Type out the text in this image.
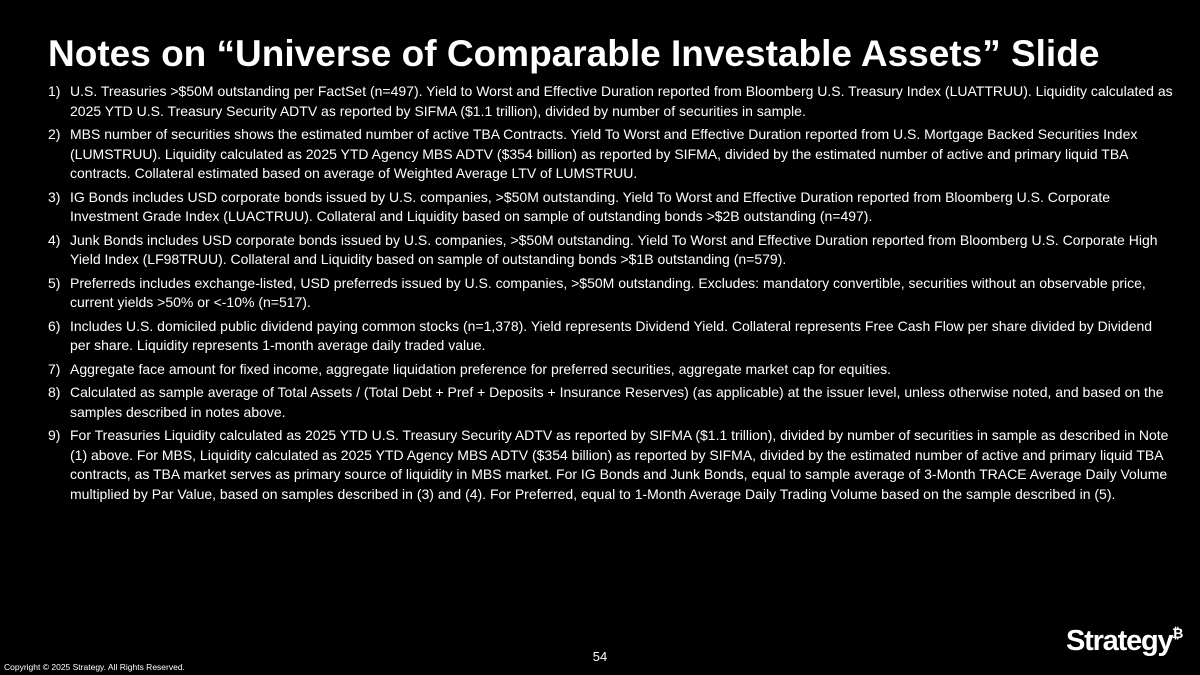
Notes on “Universe of Comparable Investable Assets” Slide
1) U.S. Treasuries >$50M outstanding per FactSet (n=497). Yield to Worst and Effective Duration reported from Bloomberg U.S. Treasury Index (LUATTRUU). Liquidity calculated as 2025 YTD U.S. Treasury Security ADTV as reported by SIFMA ($1.1 trillion), divided by number of securities in sample.
2) MBS number of securities shows the estimated number of active TBA Contracts. Yield To Worst and Effective Duration reported from U.S. Mortgage Backed Securities Index (LUMSTRUU). Liquidity calculated as 2025 YTD Agency MBS ADTV ($354 billion) as reported by SIFMA, divided by the estimated number of active and primary liquid TBA contracts. Collateral estimated based on average of Weighted Average LTV of LUMSTRUU.
3) IG Bonds includes USD corporate bonds issued by U.S. companies, >$50M outstanding. Yield To Worst and Effective Duration reported from Bloomberg U.S. Corporate Investment Grade Index (LUACTRUU). Collateral and Liquidity based on sample of outstanding bonds >$2B outstanding (n=497).
4) Junk Bonds includes USD corporate bonds issued by U.S. companies, >$50M outstanding. Yield To Worst and Effective Duration reported from Bloomberg U.S. Corporate High Yield Index (LF98TRUU). Collateral and Liquidity based on sample of outstanding bonds >$1B outstanding (n=579).
5) Preferreds includes exchange-listed, USD preferreds issued by U.S. companies, >$50M outstanding. Excludes: mandatory convertible, securities without an observable price, current yields >50% or <-10% (n=517).
6) Includes U.S. domiciled public dividend paying common stocks (n=1,378). Yield represents Dividend Yield. Collateral represents Free Cash Flow per share divided by Dividend per share. Liquidity represents 1-month average daily traded value.
7) Aggregate face amount for fixed income, aggregate liquidation preference for preferred securities, aggregate market cap for equities.
8) Calculated as sample average of Total Assets / (Total Debt + Pref + Deposits + Insurance Reserves) (as applicable) at the issuer level, unless otherwise noted, and based on the samples described in notes above.
9) For Treasuries Liquidity calculated as 2025 YTD U.S. Treasury Security ADTV as reported by SIFMA ($1.1 trillion), divided by number of securities in sample as described in Note (1) above. For MBS, Liquidity calculated as 2025 YTD Agency MBS ADTV ($354 billion) as reported by SIFMA, divided by the estimated number of active and primary liquid TBA contracts, as TBA market serves as primary source of liquidity in MBS market. For IG Bonds and Junk Bonds, equal to sample average of 3-Month TRACE Average Daily Volume multiplied by Par Value, based on samples described in (3) and (4). For Preferred, equal to 1-Month Average Daily Trading Volume based on the sample described in (5).
54	Strategy ₿
Copyright © 2025 Strategy. All Rights Reserved.
